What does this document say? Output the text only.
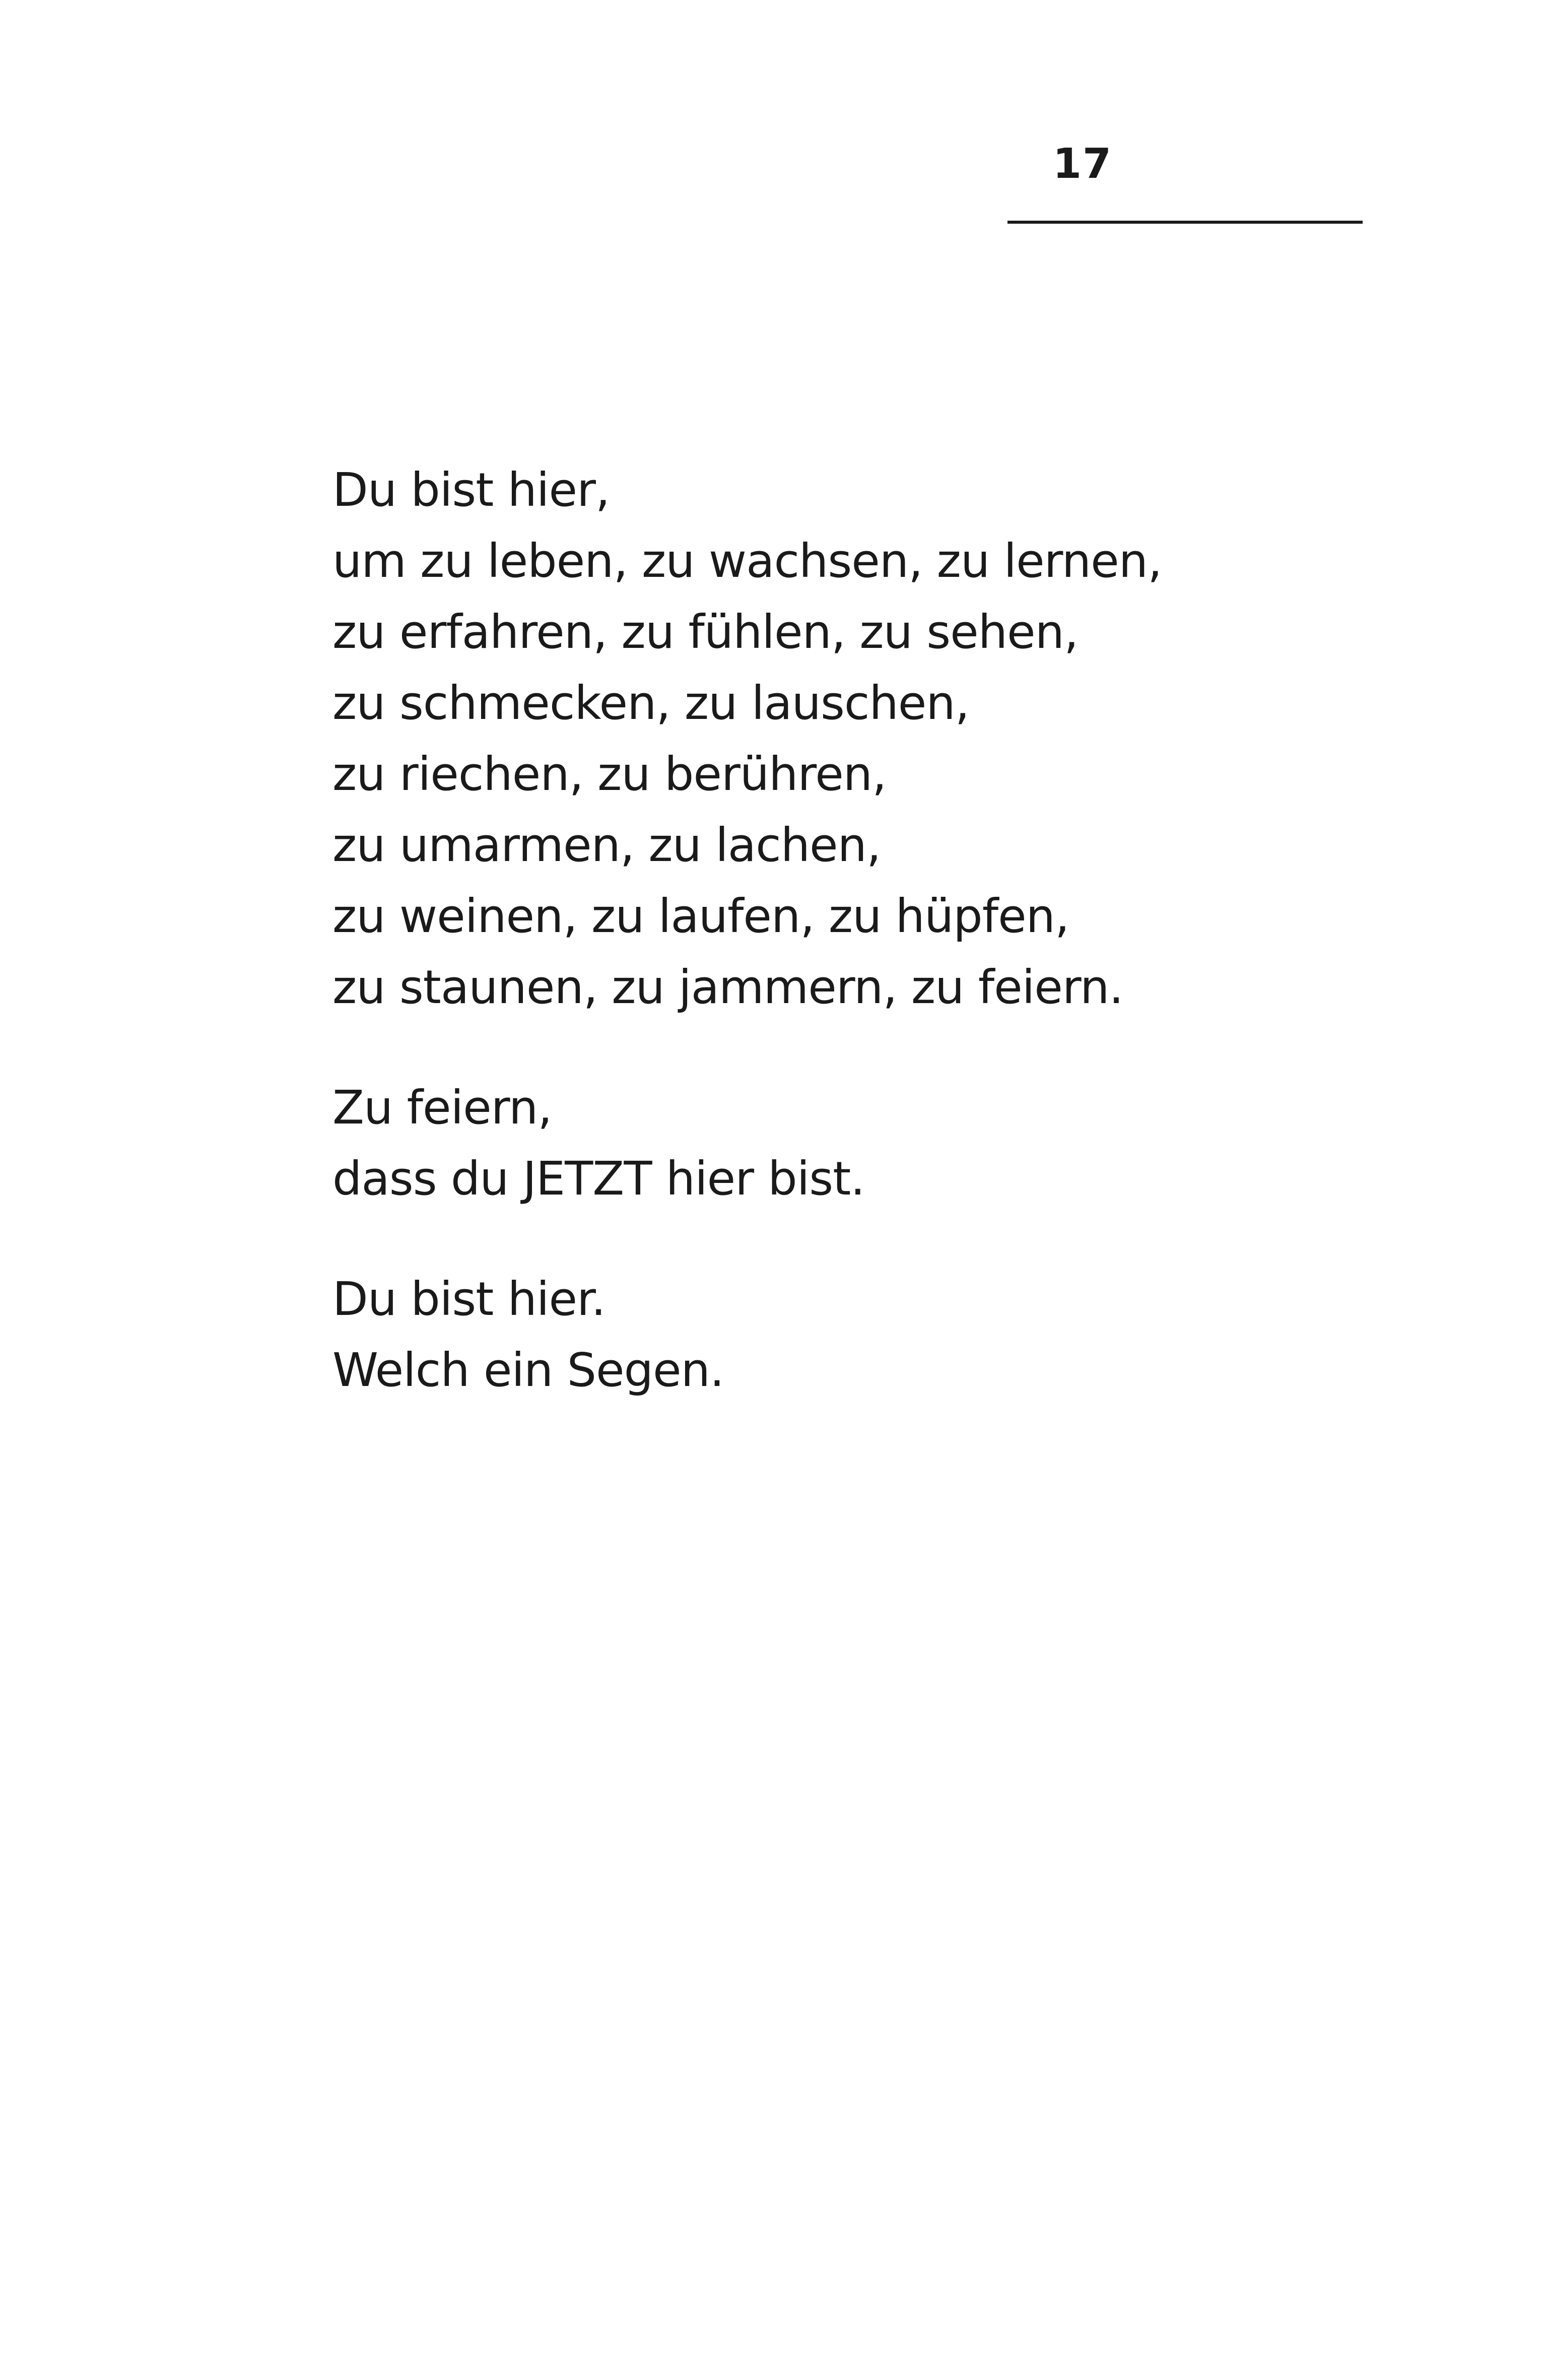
17
Du bist hier,
um zu leben, zu wachsen, zu lernen,
zu erfahren, zu fühlen, zu sehen,
zu schmecken, zu lauschen,
zu riechen, zu berühren,
zu umarmen, zu lachen,
zu weinen, zu laufen, zu hüpfen,
zu staunen, zu jammern, zu feiern.
Zu feiern,
dass du JETZT hier bist.
Du bist hier.
Welch ein Segen.
